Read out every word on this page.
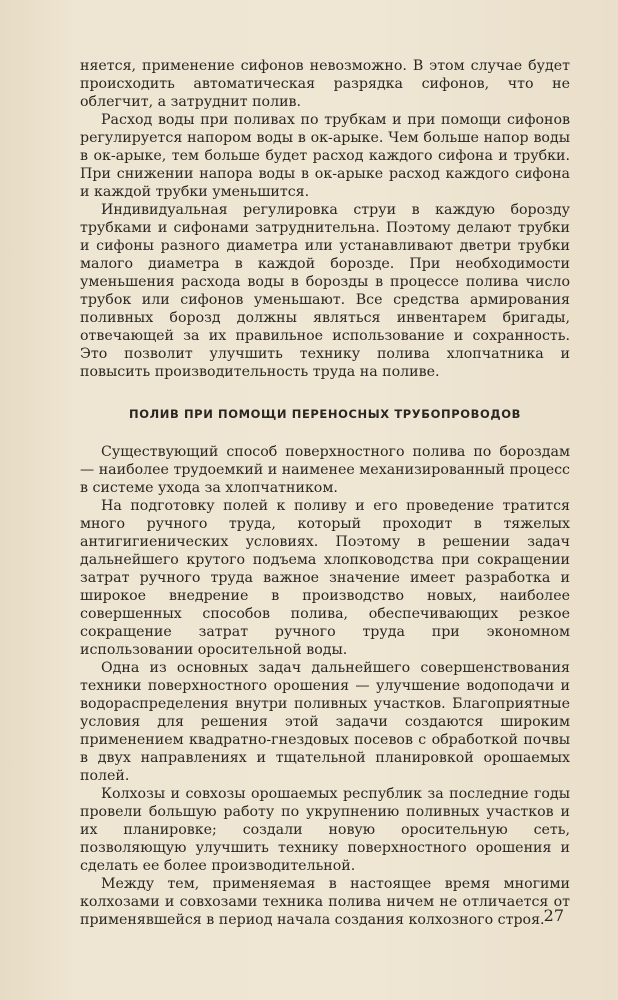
няется, применение сифонов невозможно. В этом случае будет происходить автоматическая разрядка сифонов, что не облегчит, а затруднит полив.

Расход воды при поливах по трубкам и при помощи сифонов регулируется напором воды в ок-арыке. Чем больше напор воды в ок-арыке, тем больше будет расход каждого сифона и трубки. При снижении напора воды в ок-арыке расход каждого сифона и каждой трубки уменьшится.

Индивидуальная регулировка струи в каждую борозду трубками и сифонами затруднительна. Поэтому делают трубки и сифоны разного диаметра или устанавливают дветри трубки малого диаметра в каждой борозде. При необходимости уменьшения расхода воды в борозды в процессе полива число трубок или сифонов уменьшают. Все средства армирования поливных борозд должны являться инвентарем бригады, отвечающей за их правильное использование и сохранность. Это позволит улучшить технику полива хлопчатника и повысить производительность труда на поливе.

ПОЛИВ ПРИ ПОМОЩИ ПЕРЕНОСНЫХ ТРУБОПРОВОДОВ

Существующий способ поверхностного полива по бороздам — наиболее трудоемкий и наименее механизированный процесс в системе ухода за хлопчатником.

На подготовку полей к поливу и его проведение тратится много ручного труда, который проходит в тяжелых антигигиенических условиях. Поэтому в решении задач дальнейшего крутого подъема хлопководства при сокращении затрат ручного труда важное значение имеет разработка и широкое внедрение в производство новых, наиболее совершенных способов полива, обеспечивающих резкое сокращение затрат ручного труда при экономном использовании оросительной воды.

Одна из основных задач дальнейшего совершенствования техники поверхностного орошения — улучшение водоподачи и водораспределения внутри поливных участков. Благоприятные условия для решения этой задачи создаются широким применением квадратно-гнездовых посевов с обработкой почвы в двух направлениях и тщательной планировкой орошаемых полей.

Колхозы и совхозы орошаемых республик за последние годы провели большую работу по укрупнению поливных участков и их планировке; создали новую оросительную сеть, позволяющую улучшить технику поверхностного орошения и сделать ее более производительной.

Между тем, применяемая в настоящее время многими колхозами и совхозами техника полива ничем не отличается от применявшейся в период начала создания колхозного строя. 27
